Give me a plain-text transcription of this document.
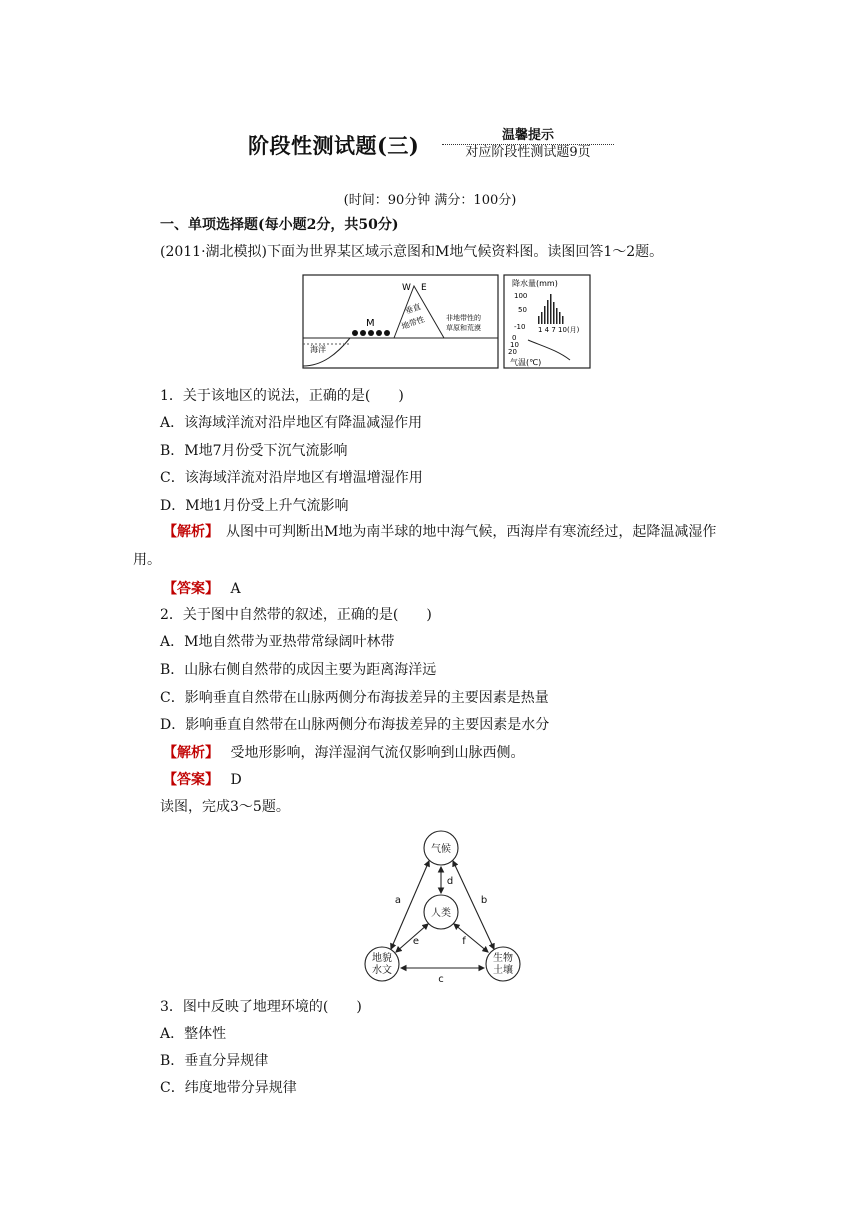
阶段性测试题(三)	温馨提示
对应阶段性测试题9页
(时间：90分钟 满分：100分)
一、单项选择题(每小题2分，共50分)
(2011·湖北模拟)下面为世界某区域示意图和M地气候资料图。读图回答1～2题。
海洋
M
W E
垂直
地带性	非地带性的
草原和荒漠
降水量(mm)
100
50
1 4 7 10(月)
-10
0
10
20
气温(℃)
1．关于该地区的说法，正确的是(　　)
A．该海域洋流对沿岸地区有降温减湿作用
B．M地7月份受下沉气流影响
C．该海域洋流对沿岸地区有增温增湿作用
D．M地1月份受上升气流影响
【解析】　 从图中可判断出M地为南半球的地中海气候，西海岸有寒流经过，起降温减湿作用。
【答案】　 A
2．关于图中自然带的叙述，正确的是(　　)
A．M地自然带为亚热带常绿阔叶林带
B．山脉右侧自然带的成因主要为距离海洋远
C．影响垂直自然带在山脉两侧分布海拔差异的主要因素是热量
D．影响垂直自然带在山脉两侧分布海拔差异的主要因素是水分
【解析】　 受地形影响，海洋湿润气流仅影响到山脉西侧。
【答案】　 D
读图，完成3～5题。
气候
人类
地貌
水文
生物
土壤
a	b
c
d
e	f
3．图中反映了地理环境的(　　)
A．整体性
B．垂直分异规律
C．纬度地带分异规律
